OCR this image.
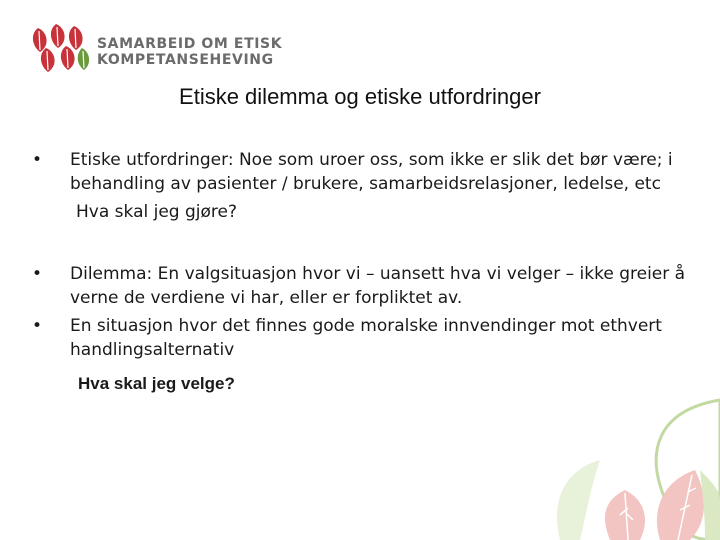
SAMARBEID OM ETISK
KOMPETANSEHEVING
Etiske dilemma og etiske utfordringer

• Etiske utfordringer: Noe som uroer oss, som ikke er slik det bør være; i behandling av pasienter / brukere, samarbeidsrelasjoner, ledelse, etc

Hva skal jeg gjøre?

• Dilemma: En valgsituasjon hvor vi – uansett hva vi velger – ikke greier å verne de verdiene vi har, eller er forpliktet av.

• En situasjon hvor det finnes gode moralske innvendinger mot ethvert handlingsalternativ

Hva skal jeg velge?
